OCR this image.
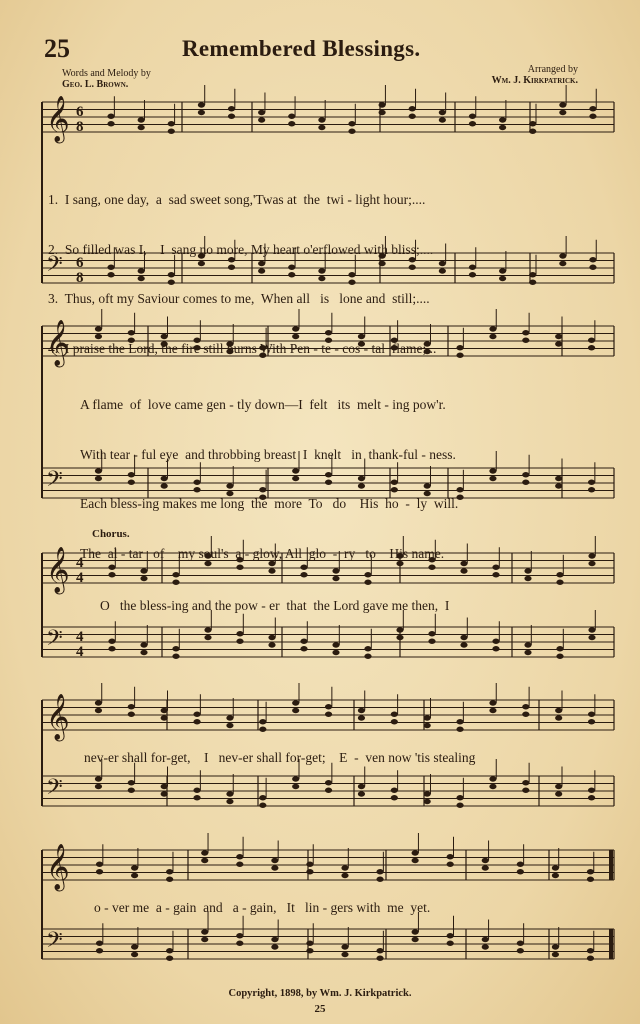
25	Remembered Blessings.
Words and Melody by
Geo. L. Brown.
Arranged by
Wm. J. Kirkpatrick.
𝄞
𝄢
6
8
6
8
𝄞
𝄢
𝄞
𝄢
4
4
4
4
𝄞
𝄢
𝄞
𝄢

1.  I sang, one day,  a  sad sweet song,'Twas at  the  twi - light hour;....

2.  So filled was I,    I  sang no more, My heart o'erflowed with bliss;....

3.  Thus, oft my Saviour comes to me,  When all   is   lone and  still;....

4.  I praise the Lord, the fire still burns With Pen - te - cos - tal  flame;...

A flame  of  love came gen - tly down—I  felt   its  melt - ing pow'r.

With tear - ful eye  and throbbing breast  I  knelt   in  thank-ful - ness.

Each bless-ing makes me long  the  more  To   do    His  ho  -  ly  will.

The  al - tar   of    my soul's  a - glow, All  glo  -  ry   to    His name.

Chorus.
O   the bless-ing and the pow - er  that  the Lord gave me then,  I
nev-er shall for-get,    I   nev-er shall for-get;    E  -  ven now 'tis stealing
o - ver me  a - gain  and   a - gain,   It   lin - gers with  me  yet.
Copyright, 1898, by Wm. J. Kirkpatrick.
25
